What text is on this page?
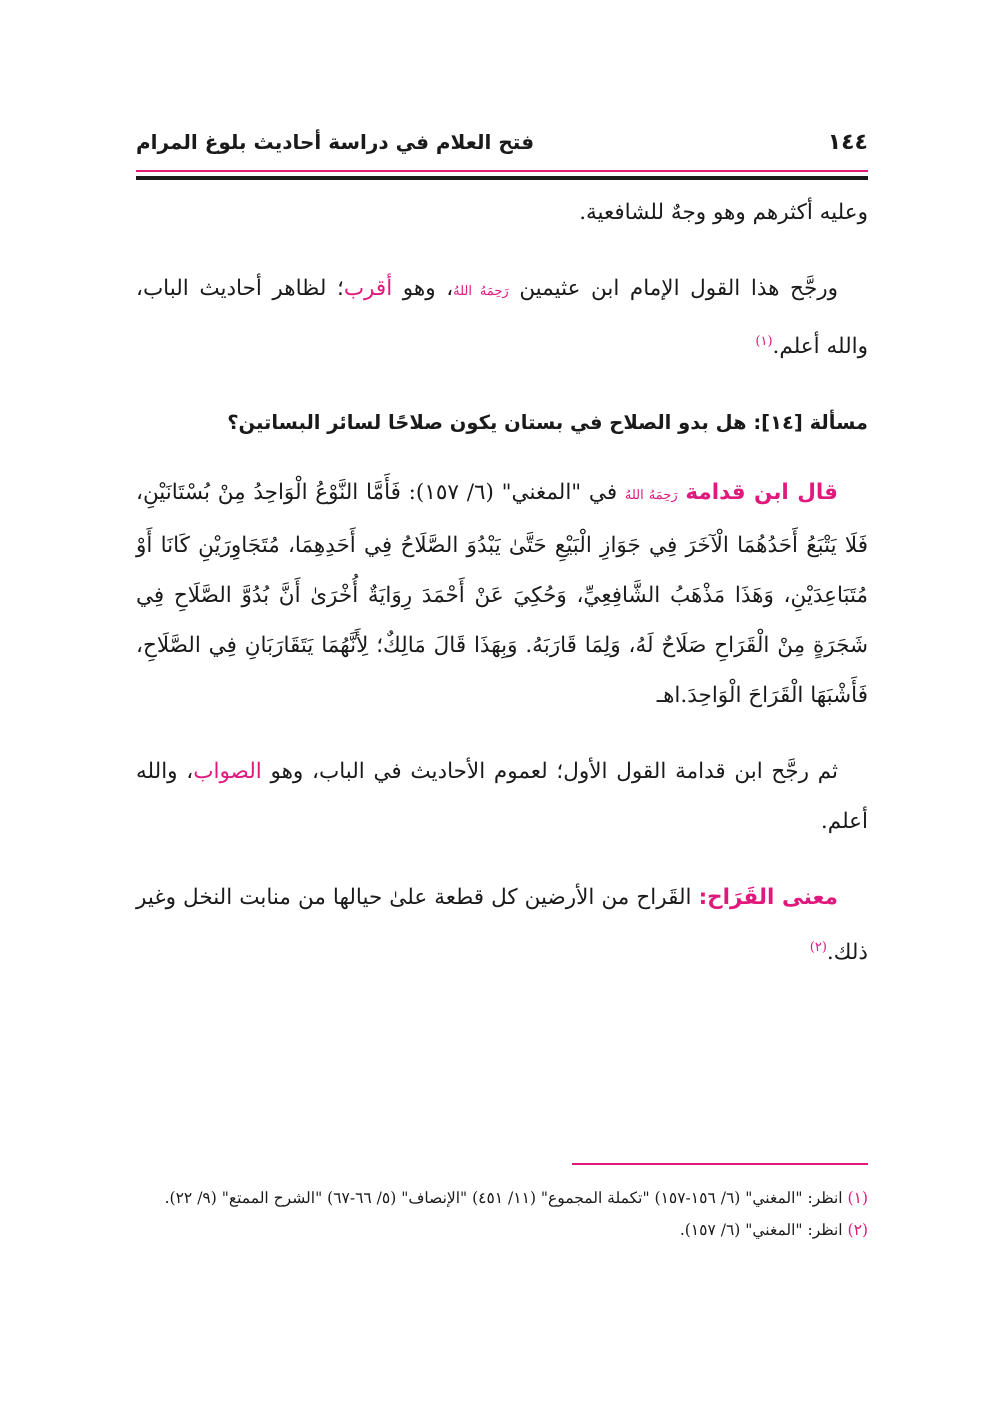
١٤٤
فتح العلام في دراسة أحاديث بلوغ المرام

وعليه أكثرهم وهو وجهٌ للشافعية.

ورجَّح هذا القول الإمام ابن عثيمين رَحِمَهُ اللهُ، وهو أقرب؛ لظاهر أحاديث الباب، والله أعلم.$^{(١)}$

مسألة [١٤]: هل بدو الصلاح في بستان يكون صلاحًا لسائر البساتين؟

قال ابن قدامة رَحِمَهُ اللهُ في "المغني" (٦/ ١٥٧): فَأَمَّا النَّوْعُ الْوَاحِدُ مِنْ بُسْتَانَيْنِ، فَلَا يَتْبَعُ أَحَدُهُمَا الْآخَرَ فِي جَوَازِ الْبَيْعِ حَتَّىٰ يَبْدُوَ الصَّلَاحُ فِي أَحَدِهِمَا، مُتَجَاوِرَيْنِ كَانَا أَوْ مُتَبَاعِدَيْنِ، وَهَذَا مَذْهَبُ الشَّافِعِيِّ، وَحُكِيَ عَنْ أَحْمَدَ رِوَايَةٌ أُخْرَىٰ أَنَّ بُدُوَّ الصَّلَاحِ فِي شَجَرَةٍ مِنْ الْقَرَاحِ صَلَاحٌ لَهُ، وَلِمَا قَارَبَهُ. وَبِهَذَا قَالَ مَالِكٌ؛ لِأَنَّهُمَا يَتَقَارَبَانِ فِي الصَّلَاحِ، فَأَشْبَهَا الْقَرَاحَ الْوَاحِدَ.اهـ

ثم رجَّح ابن قدامة القول الأول؛ لعموم الأحاديث في الباب، وهو الصواب، والله أعلم.

معنى القَرَاح: القَراح من الأرضين كل قطعة علىٰ حيالها من منابت النخل وغير ذلك.$^{(٢)}$

(١) انظر: "المغني" (٦/ ١٥٦-١٥٧) "تكملة المجموع" (١١/ ٤٥١) "الإنصاف" (٥/ ٦٦-٦٧) "الشرح الممتع" (٩/ ٢٢).

(٢) انظر: "المغني" (٦/ ١٥٧).
